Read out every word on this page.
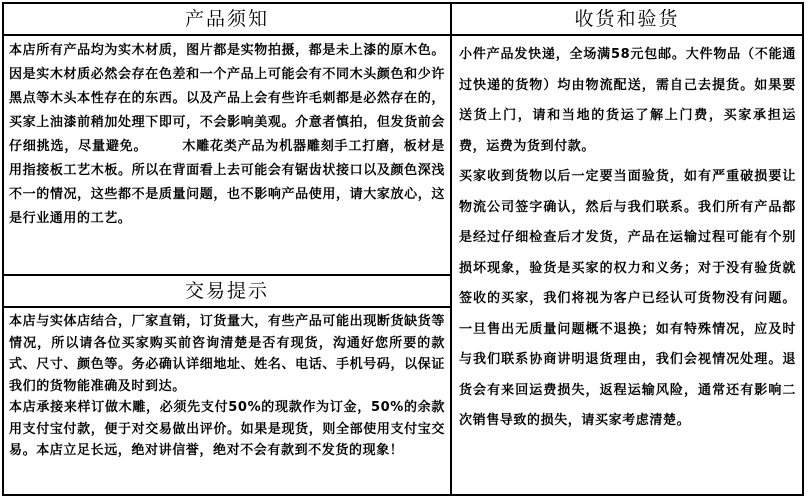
产品须知

本店所有产品均为实木材质，图片都是实物拍摄，都是未上漆的原木色。因是实木材质必然会存在色差和一个产品上可能会有不同木头颜色和少许黑点等木头本性存在的东西。以及产品上会有些许毛刺都是必然存在的，买家上油漆前稍加处理下即可，不会影响美观。介意者慎拍，但发货前会仔细挑选，尽量避免。　　　木雕花类产品为机器雕刻手工打磨，板材是用指接板工艺木板。所以在背面看上去可能会有锯齿状接口以及颜色深浅不一的情况，这些都不是质量问题，也不影响产品使用，请大家放心，这是行业通用的工艺。

交易提示

本店与实体店结合，厂家直销，订货量大，有些产品可能出现断货缺货等情况，所以请各位买家购买前咨询清楚是否有现货，沟通好您所要的款式、尺寸、颜色等。务必确认详细地址、姓名、电话、手机号码，以保证我们的货物能准确及时到达。

本店承接来样订做木雕，必须先支付50%的现款作为订金，50%的余款用支付宝付款，便于对交易做出评价。如果是现货，则全部使用支付宝交易。本店立足长远，绝对讲信誉，绝对不会有款到不发货的现象！

收货和验货

小件产品发快递，全场满58元包邮。大件物品（不能通过快递的货物）均由物流配送，需自己去提货。如果要送货上门，请和当地的货运了解上门费，买家承担运费，运费为货到付款。

买家收到货物以后一定要当面验货，如有严重破损要让物流公司签字确认，然后与我们联系。我们所有产品都是经过仔细检查后才发货，产品在运输过程可能有个别损坏现象，验货是买家的权力和义务；对于没有验货就签收的买家，我们将视为客户已经认可货物没有问题。一旦售出无质量问题概不退换；如有特殊情况，应及时与我们联系协商讲明退货理由，我们会视情况处理。退货会有来回运费损失，返程运输风险，通常还有影响二次销售导致的损失，请买家考虑清楚。
